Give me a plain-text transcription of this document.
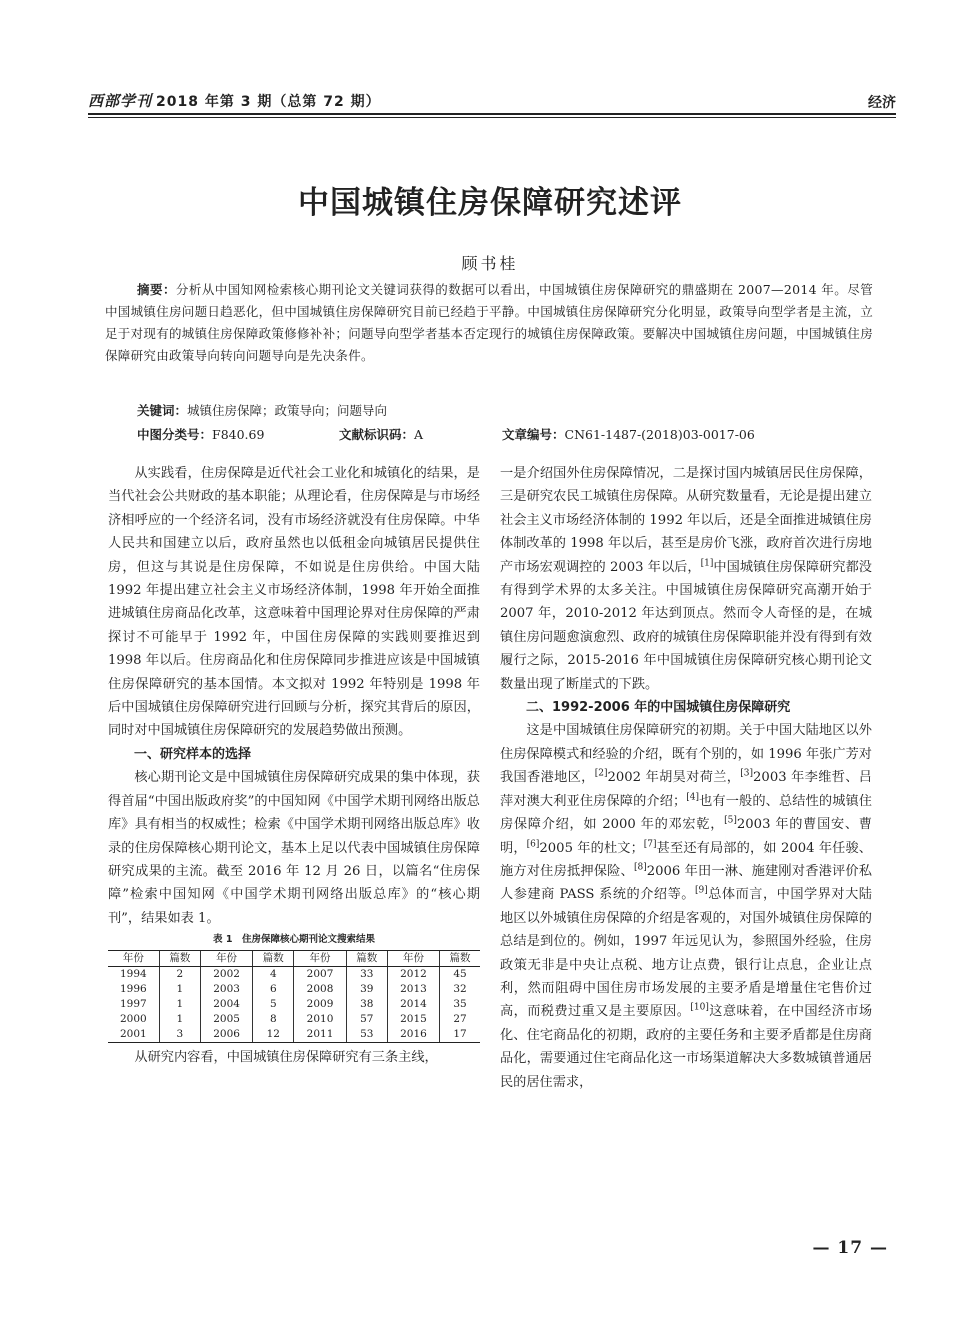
西部学刊 2018 年第 3 期（总第 72 期）	经济
中国城镇住房保障研究述评
顾书桂
摘要：分析从中国知网检索核心期刊论文关键词获得的数据可以看出，中国城镇住房保障研究的鼎盛期在 2007—2014 年。尽管中国城镇住房问题日趋恶化，但中国城镇住房保障研究目前已经趋于平静。中国城镇住房保障研究分化明显，政策导向型学者是主流，立足于对现有的城镇住房保障政策修修补补；问题导向型学者基本否定现行的城镇住房保障政策。要解决中国城镇住房问题，中国城镇住房保障研究由政策导向转向问题导向是先决条件。
关键词：城镇住房保障；政策导向；问题导向
中图分类号：F840.69	文献标识码：A	文章编号：CN61-1487-(2018)03-0017-06

从实践看，住房保障是近代社会工业化和城镇化的结果，是当代社会公共财政的基本职能；从理论看，住房保障是与市场经济相呼应的一个经济名词，没有市场经济就没有住房保障。中华人民共和国建立以后，政府虽然也以低租金向城镇居民提供住房，但这与其说是住房保障，不如说是住房供给。中国大陆 1992 年提出建立社会主义市场经济体制，1998 年开始全面推进城镇住房商品化改革，这意味着中国理论界对住房保障的严肃探讨不可能早于 1992 年，中国住房保障的实践则要推迟到 1998 年以后。住房商品化和住房保障同步推进应该是中国城镇住房保障研究的基本国情。本文拟对 1992 年特别是 1998 年后中国城镇住房保障研究进行回顾与分析，探究其背后的原因，同时对中国城镇住房保障研究的发展趋势做出预测。

一、研究样本的选择

核心期刊论文是中国城镇住房保障研究成果的集中体现，获得首届“中国出版政府奖”的中国知网《中国学术期刊网络出版总库》具有相当的权威性；检索《中国学术期刊网络出版总库》收录的住房保障核心期刊论文，基本上足以代表中国城镇住房保障研究成果的主流。截至 2016 年 12 月 26 日，以篇名“住房保障”检索中国知网《中国学术期刊网络出版总库》的“核心期刊”，结果如表 1。

表 1　住房保障核心期刊论文搜索结果
年份	篇数	年份	篇数	年份	篇数	年份	篇数
1994	2	2002	4	2007	33	2012	45
1996	1	2003	6	2008	39	2013	32
1997	1	2004	5	2009	38	2014	35
2000	1	2005	8	2010	57	2015	27
2001	3	2006	12	2011	53	2016	17

从研究内容看，中国城镇住房保障研究有三条主线，

一是介绍国外住房保障情况，二是探讨国内城镇居民住房保障，三是研究农民工城镇住房保障。从研究数量看，无论是提出建立社会主义市场经济体制的 1992 年以后，还是全面推进城镇住房体制改革的 1998 年以后，甚至是房价飞涨，政府首次进行房地产市场宏观调控的 2003 年以后，[1]中国城镇住房保障研究都没有得到学术界的太多关注。中国城镇住房保障研究高潮开始于 2007 年，2010-2012 年达到顶点。然而令人奇怪的是，在城镇住房问题愈演愈烈、政府的城镇住房保障职能并没有得到有效履行之际，2015-2016 年中国城镇住房保障研究核心期刊论文数量出现了断崖式的下跌。

二、1992-2006 年的中国城镇住房保障研究

这是中国城镇住房保障研究的初期。关于中国大陆地区以外住房保障模式和经验的介绍，既有个别的，如 1996 年张广芳对我国香港地区，[2]2002 年胡昊对荷兰，[3]2003 年李维哲、吕萍对澳大利亚住房保障的介绍；[4]也有一般的、总结性的城镇住房保障介绍，如 2000 年的邓宏乾，[5]2003 年的曹国安、曹明，[6]2005 年的杜文；[7]甚至还有局部的，如 2004 年任骏、施方对住房抵押保险、[8]2006 年田一淋、施建刚对香港评价私人参建商 PASS 系统的介绍等。[9]总体而言，中国学界对大陆地区以外城镇住房保障的介绍是客观的，对国外城镇住房保障的总结是到位的。例如，1997 年远见认为，参照国外经验，住房政策无非是中央让点税、地方让点费，银行让点息，企业让点利，然而阻碍中国住房市场发展的主要矛盾是增量住宅售价过高，而税费过重又是主要原因。[10]这意味着，在中国经济市场化、住宅商品化的初期，政府的主要任务和主要矛盾都是住房商品化，需要通过住宅商品化这一市场渠道解决大多数城镇普通居民的居住需求，

— 17 —
